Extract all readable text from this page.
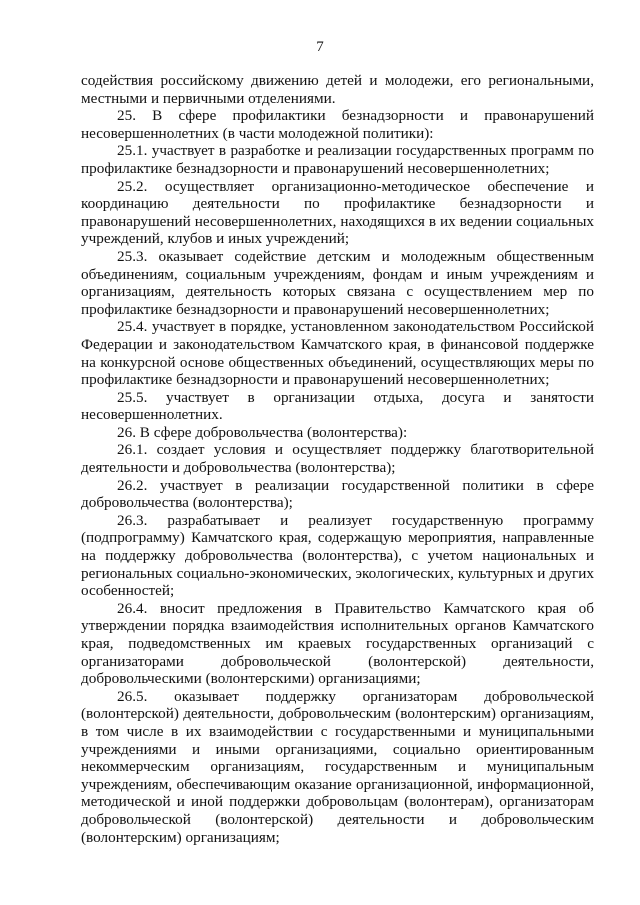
7

содействия российскому движению детей и молодежи, его региональными, местными и первичными отделениями.

25. В сфере профилактики безнадзорности и правонарушений несовершеннолетних (в части молодежной политики):

25.1. участвует в разработке и реализации государственных программ по профилактике безнадзорности и правонарушений несовершеннолетних;

25.2. осуществляет организационно-методическое обеспечение и координацию деятельности по профилактике безнадзорности и правонарушений несовершеннолетних, находящихся в их ведении социальных учреждений, клубов и иных учреждений;

25.3. оказывает содействие детским и молодежным общественным объединениям, социальным учреждениям, фондам и иным учреждениям и организациям, деятельность которых связана с осуществлением мер по профилактике безнадзорности и правонарушений несовершеннолетних;

25.4. участвует в порядке, установленном законодательством Российской Федерации и законодательством Камчатского края, в финансовой поддержке на конкурсной основе общественных объединений, осуществляющих меры по профилактике безнадзорности и правонарушений несовершеннолетних;

25.5. участвует в организации отдыха, досуга и занятости несовершеннолетних.

26. В сфере добровольчества (волонтерства):

26.1. создает условия и осуществляет поддержку благотворительной деятельности и добровольчества (волонтерства);

26.2. участвует в реализации государственной политики в сфере добровольчества (волонтерства);

26.3. разрабатывает и реализует государственную программу (подпрограмму) Камчатского края, содержащую мероприятия, направленные на поддержку добровольчества (волонтерства), с учетом национальных и региональных социально-экономических, экологических, культурных и других особенностей;

26.4. вносит предложения в Правительство Камчатского края об утверждении порядка взаимодействия исполнительных органов Камчатского края, подведомственных им краевых государственных организаций с организаторами добровольческой (волонтерской) деятельности, добровольческими (волонтерскими) организациями;

26.5. оказывает поддержку организаторам добровольческой (волонтерской) деятельности, добровольческим (волонтерским) организациям, в том числе в их взаимодействии с государственными и муниципальными учреждениями и иными организациями, социально ориентированным некоммерческим организациям, государственным и муниципальным учреждениям, обеспечивающим оказание организационной, информационной, методической и иной поддержки добровольцам (волонтерам), организаторам добровольческой (волонтерской) деятельности и добровольческим (волонтерским) организациям;
